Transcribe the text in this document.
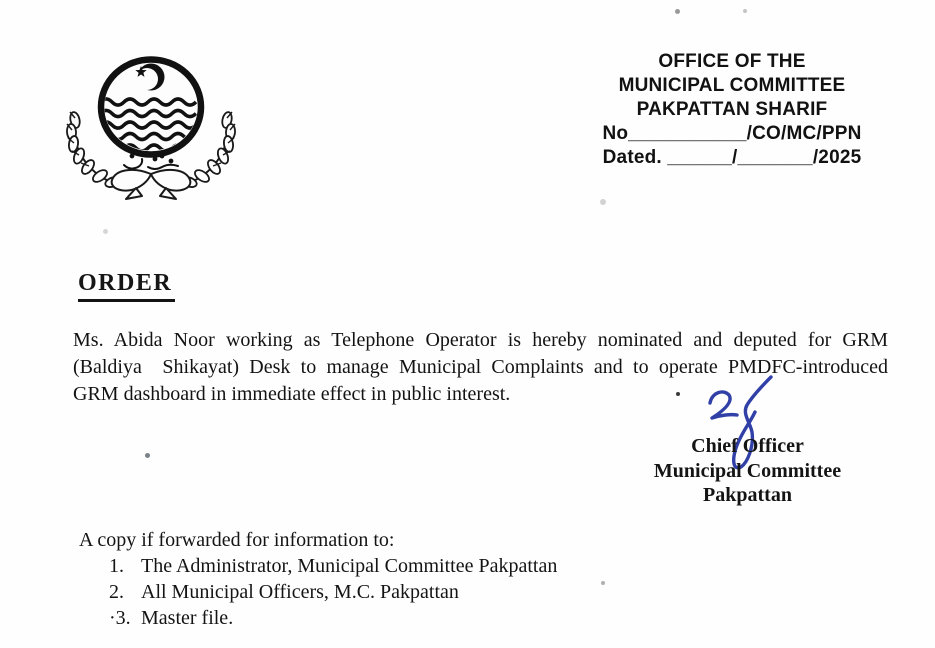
OFFICE OF THE
MUNICIPAL COMMITTEE
PAKPATTAN SHARIF
No___________/CO/MC/PPN
Dated. ______/_______/2025
ORDER
Ms. Abida Noor working as Telephone Operator is hereby nominated and deputed for GRM
(Baldiya  Shikayat) Desk to manage Municipal Complaints and to operate PMDFC-introduced
GRM dashboard in immediate effect in public interest.
Chief Officer
Municipal Committee
Pakpattan
A copy if forwarded for information to:
1. The Administrator, Municipal Committee Pakpattan
2. All Municipal Officers, M.C. Pakpattan
·3. Master file.
